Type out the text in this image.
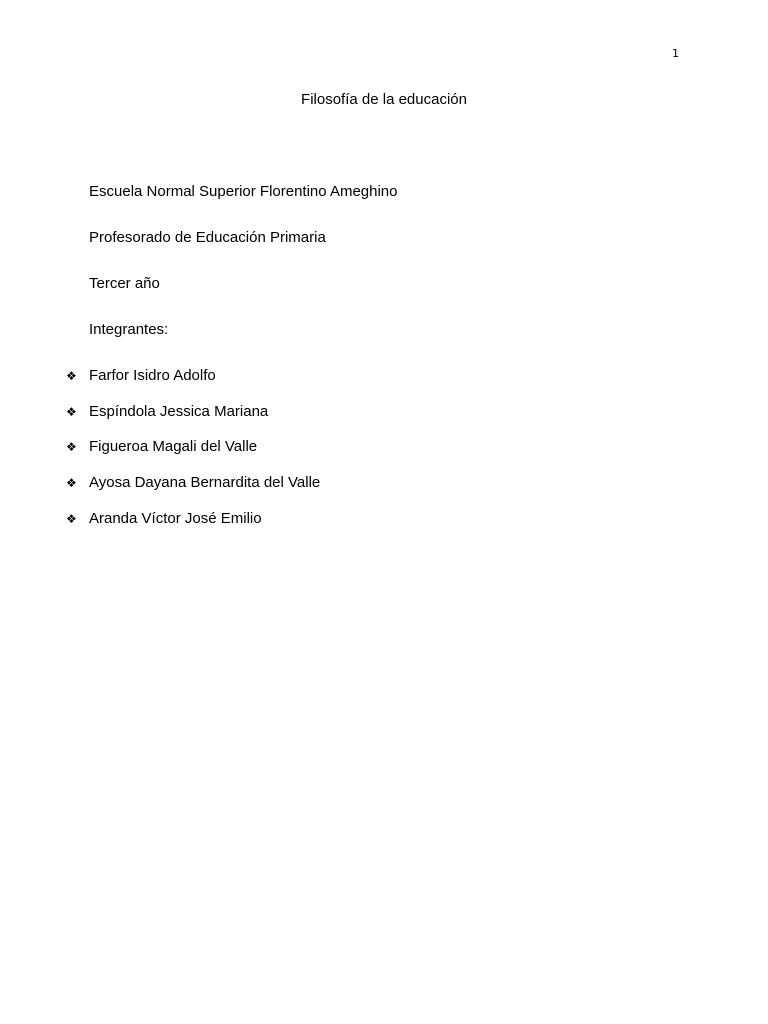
1
Filosofía de la educación
Escuela Normal Superior Florentino Ameghino
Profesorado de Educación Primaria
Tercer año
Integrantes:
❖ Farfor Isidro Adolfo
❖ Espíndola Jessica Mariana
❖ Figueroa Magali del Valle
❖ Ayosa Dayana Bernardita del Valle
❖ Aranda Víctor José Emilio
